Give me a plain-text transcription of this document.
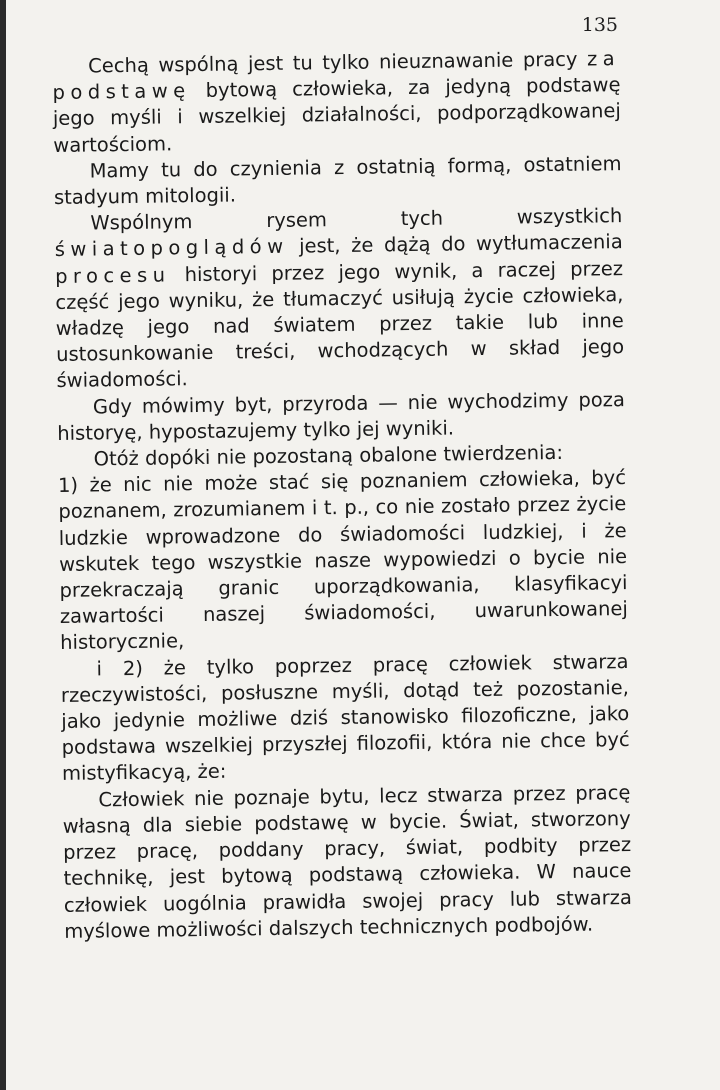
135

Cechą wspólną jest tu tylko nieuznawanie pracy za podstawę bytową człowieka, za jedyną podstawę jego myśli i wszelkiej działalności, podporządkowanej wartościom.

Mamy tu do czynienia z ostatnią formą, ostatniem stadyum mitologii.

Wspólnym rysem tych wszystkich światopoglądów jest, że dążą do wytłumaczenia procesu historyi przez jego wynik, a raczej przez część jego wyniku, że tłumaczyć usiłują życie człowieka, władzę jego nad światem przez takie lub inne ustosunkowanie treści, wchodzących w skład jego świadomości.

Gdy mówimy byt, przyroda — nie wychodzimy poza historyę, hypostazujemy tylko jej wyniki.

Otóż dopóki nie pozostaną obalone twierdzenia:

1) że nic nie może stać się poznaniem człowieka, być poznanem, zrozumianem i t. p., co nie zostało przez życie ludzkie wprowadzone do świadomości ludzkiej, i że wskutek tego wszystkie nasze wypowiedzi o bycie nie przekraczają granic uporządkowania, klasyfikacyi zawartości naszej świadomości, uwarunkowanej historycznie,

i 2) że tylko poprzez pracę człowiek stwarza rzeczywistości, posłuszne myśli, dotąd też pozostanie, jako jedynie możliwe dziś stanowisko filozoficzne, jako podstawa wszelkiej przyszłej filozofii, która nie chce być mistyfikacyą, że:

Człowiek nie poznaje bytu, lecz stwarza przez pracę własną dla siebie podstawę w bycie. Świat, stworzony przez pracę, poddany pracy, świat, podbity przez technikę, jest bytową podstawą człowieka. W nauce człowiek uogólnia prawidła swojej pracy lub stwarza myślowe możliwości dalszych technicznych podbojów.
